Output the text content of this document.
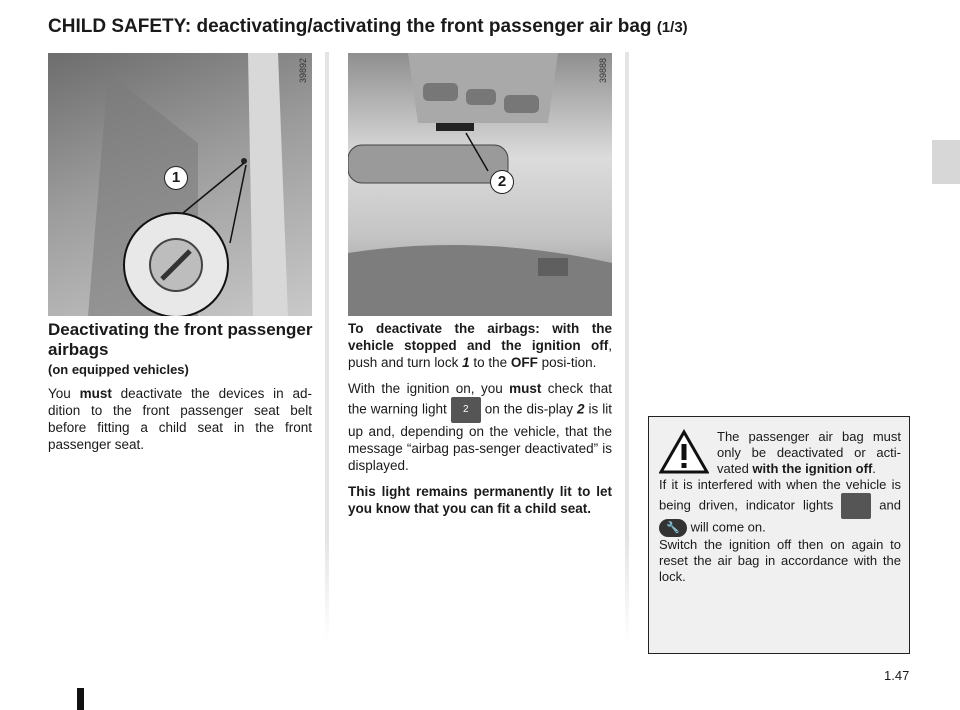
CHILD SAFETY: deactivating/activating the front passenger air bag (1/3)
39892
1
39888
2
Deactivating the front passenger airbags
(on equipped vehicles)
You must deactivate the devices in ad-dition to the front passenger seat belt before fitting a child seat in the front passenger seat.

To deactivate the airbags: with the vehicle stopped and the ignition off, push and turn lock 1 to the OFF posi-tion.

With the ignition on, you must check that the warning light 2 on the dis-play 2 is lit up and, depending on the vehicle, that the message “airbag pas-senger deactivated” is displayed.

This light remains permanently lit to let you know that you can fit a child seat.

The passenger air bag must only be deactivated or acti-vated with the ignition off.
If it is interfered with when the vehicle is being driven, indicator lights  and 🔧 will come on.
Switch the ignition off then on again to reset the air bag in accordance with the lock.
1.47
